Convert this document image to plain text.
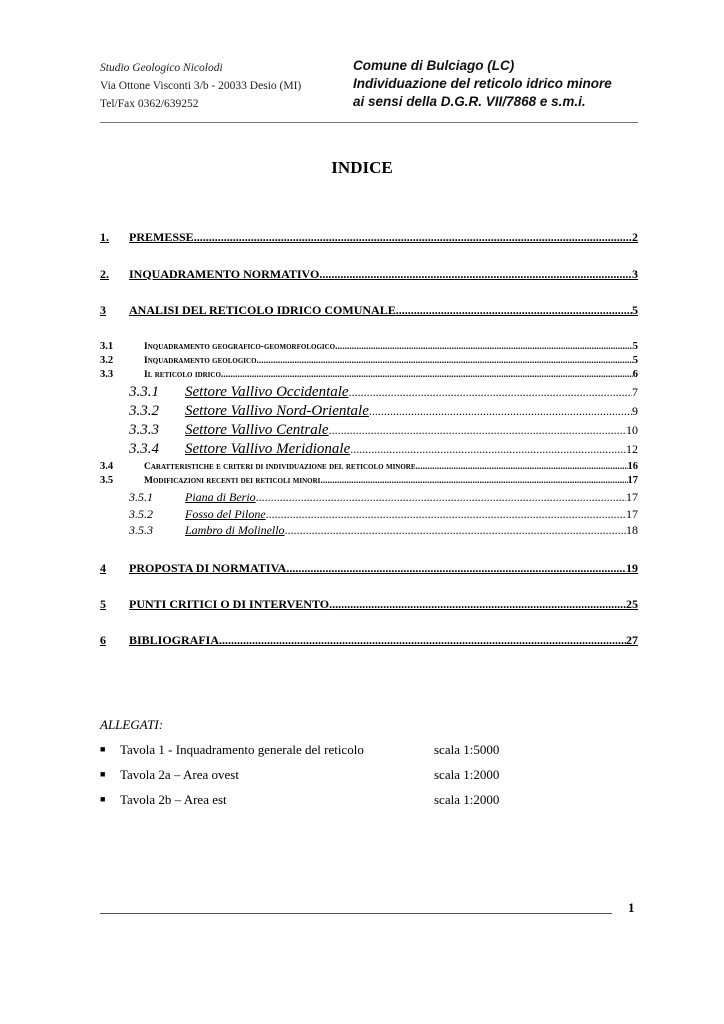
Studio Geologico Nicolodi
Via Ottone Visconti 3/b - 20033 Desio (MI)
Tel/Fax 0362/639252
Comune di Bulciago (LC)
Individuazione del reticolo idrico minore
ai sensi della D.G.R. VII/7868 e s.m.i.
INDICE
1.	PREMESSE .....	2
2.	INQUADRAMENTO NORMATIVO .....	3
3	ANALISI DEL RETICOLO IDRICO COMUNALE .....	5
3.1	Inquadramento geografico-geomorfologico .....	5
3.2	Inquadramento geologico .....	5
3.3	Il reticolo idrico .....	6
3.3.1	Settore Vallivo Occidentale .....	7
3.3.2	Settore Vallivo Nord-Orientale .....	9
3.3.3	Settore Vallivo Centrale .....	10
3.3.4	Settore Vallivo Meridionale .....	12
3.4	Caratteristiche e criteri di individuazione del reticolo minore .....	16
3.5	Modificazioni recenti dei reticoli minori .....	17
3.5.1	Piana di Berio .....	17
3.5.2	Fosso del Pilone .....	17
3.5.3	Lambro di Molinello .....	18
4	PROPOSTA DI NORMATIVA .....	19
5	PUNTI CRITICI O DI INTERVENTO .....	25
6	BIBLIOGRAFIA .....	27
ALLEGATI:
■ Tavola 1 - Inquadramento generale del reticolo	scala 1:5000
■ Tavola 2a – Area ovest	scala 1:2000
■ Tavola 2b – Area est	scala 1:2000
1
